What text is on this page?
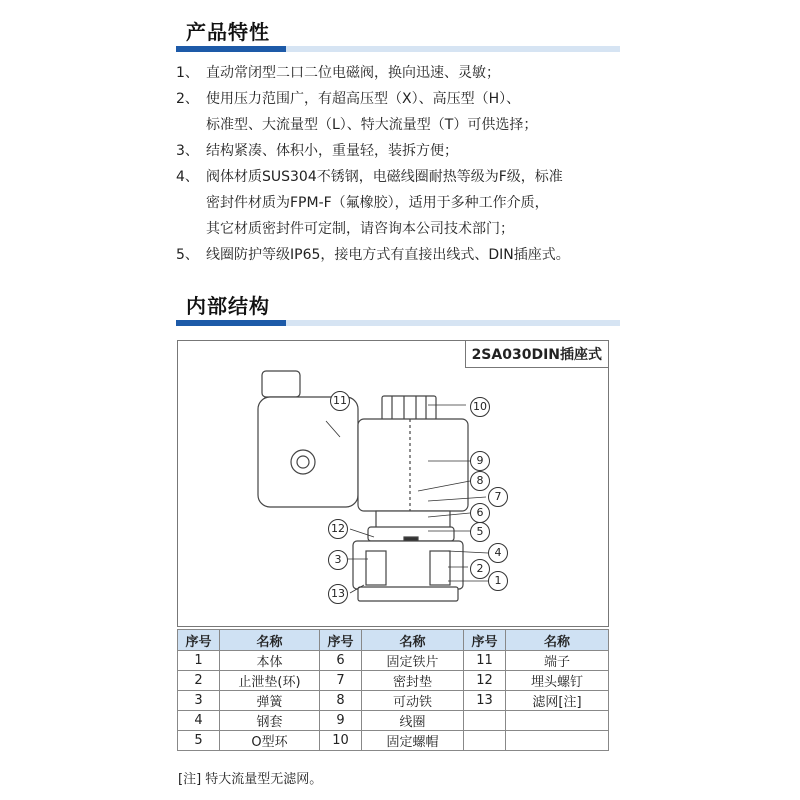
产品特性
1、 直动常闭型二口二位电磁阀，换向迅速、灵敏；
2、 使用压力范围广，有超高压型（X）、高压型（H）、
标准型、大流量型（L）、特大流量型（T）可供选择；
3、 结构紧凑、体积小，重量轻，装拆方便；
4、 阀体材质SUS304不锈钢，电磁线圈耐热等级为F级，标准
密封件材质为FPM-F（氟橡胶），适用于多种工作介质，
其它材质密封件可定制，请咨询本公司技术部门；
5、 线圈防护等级IP65，接电方式有直接出线式、DIN插座式。
内部结构
2SA030DIN插座式
11	10
9
8
7
6
5
12
3
4
2
1
13
序号	名称	序号	名称	序号	名称
1	本体	6	固定铁片	11	端子
2	止泄垫(环)	7	密封垫	12	埋头螺钉
3	弹簧	8	可动铁	13	滤网[注]
4	钢套	9	线圈		
5	O型环	10	固定螺帽		
[注] 特大流量型无滤网。
